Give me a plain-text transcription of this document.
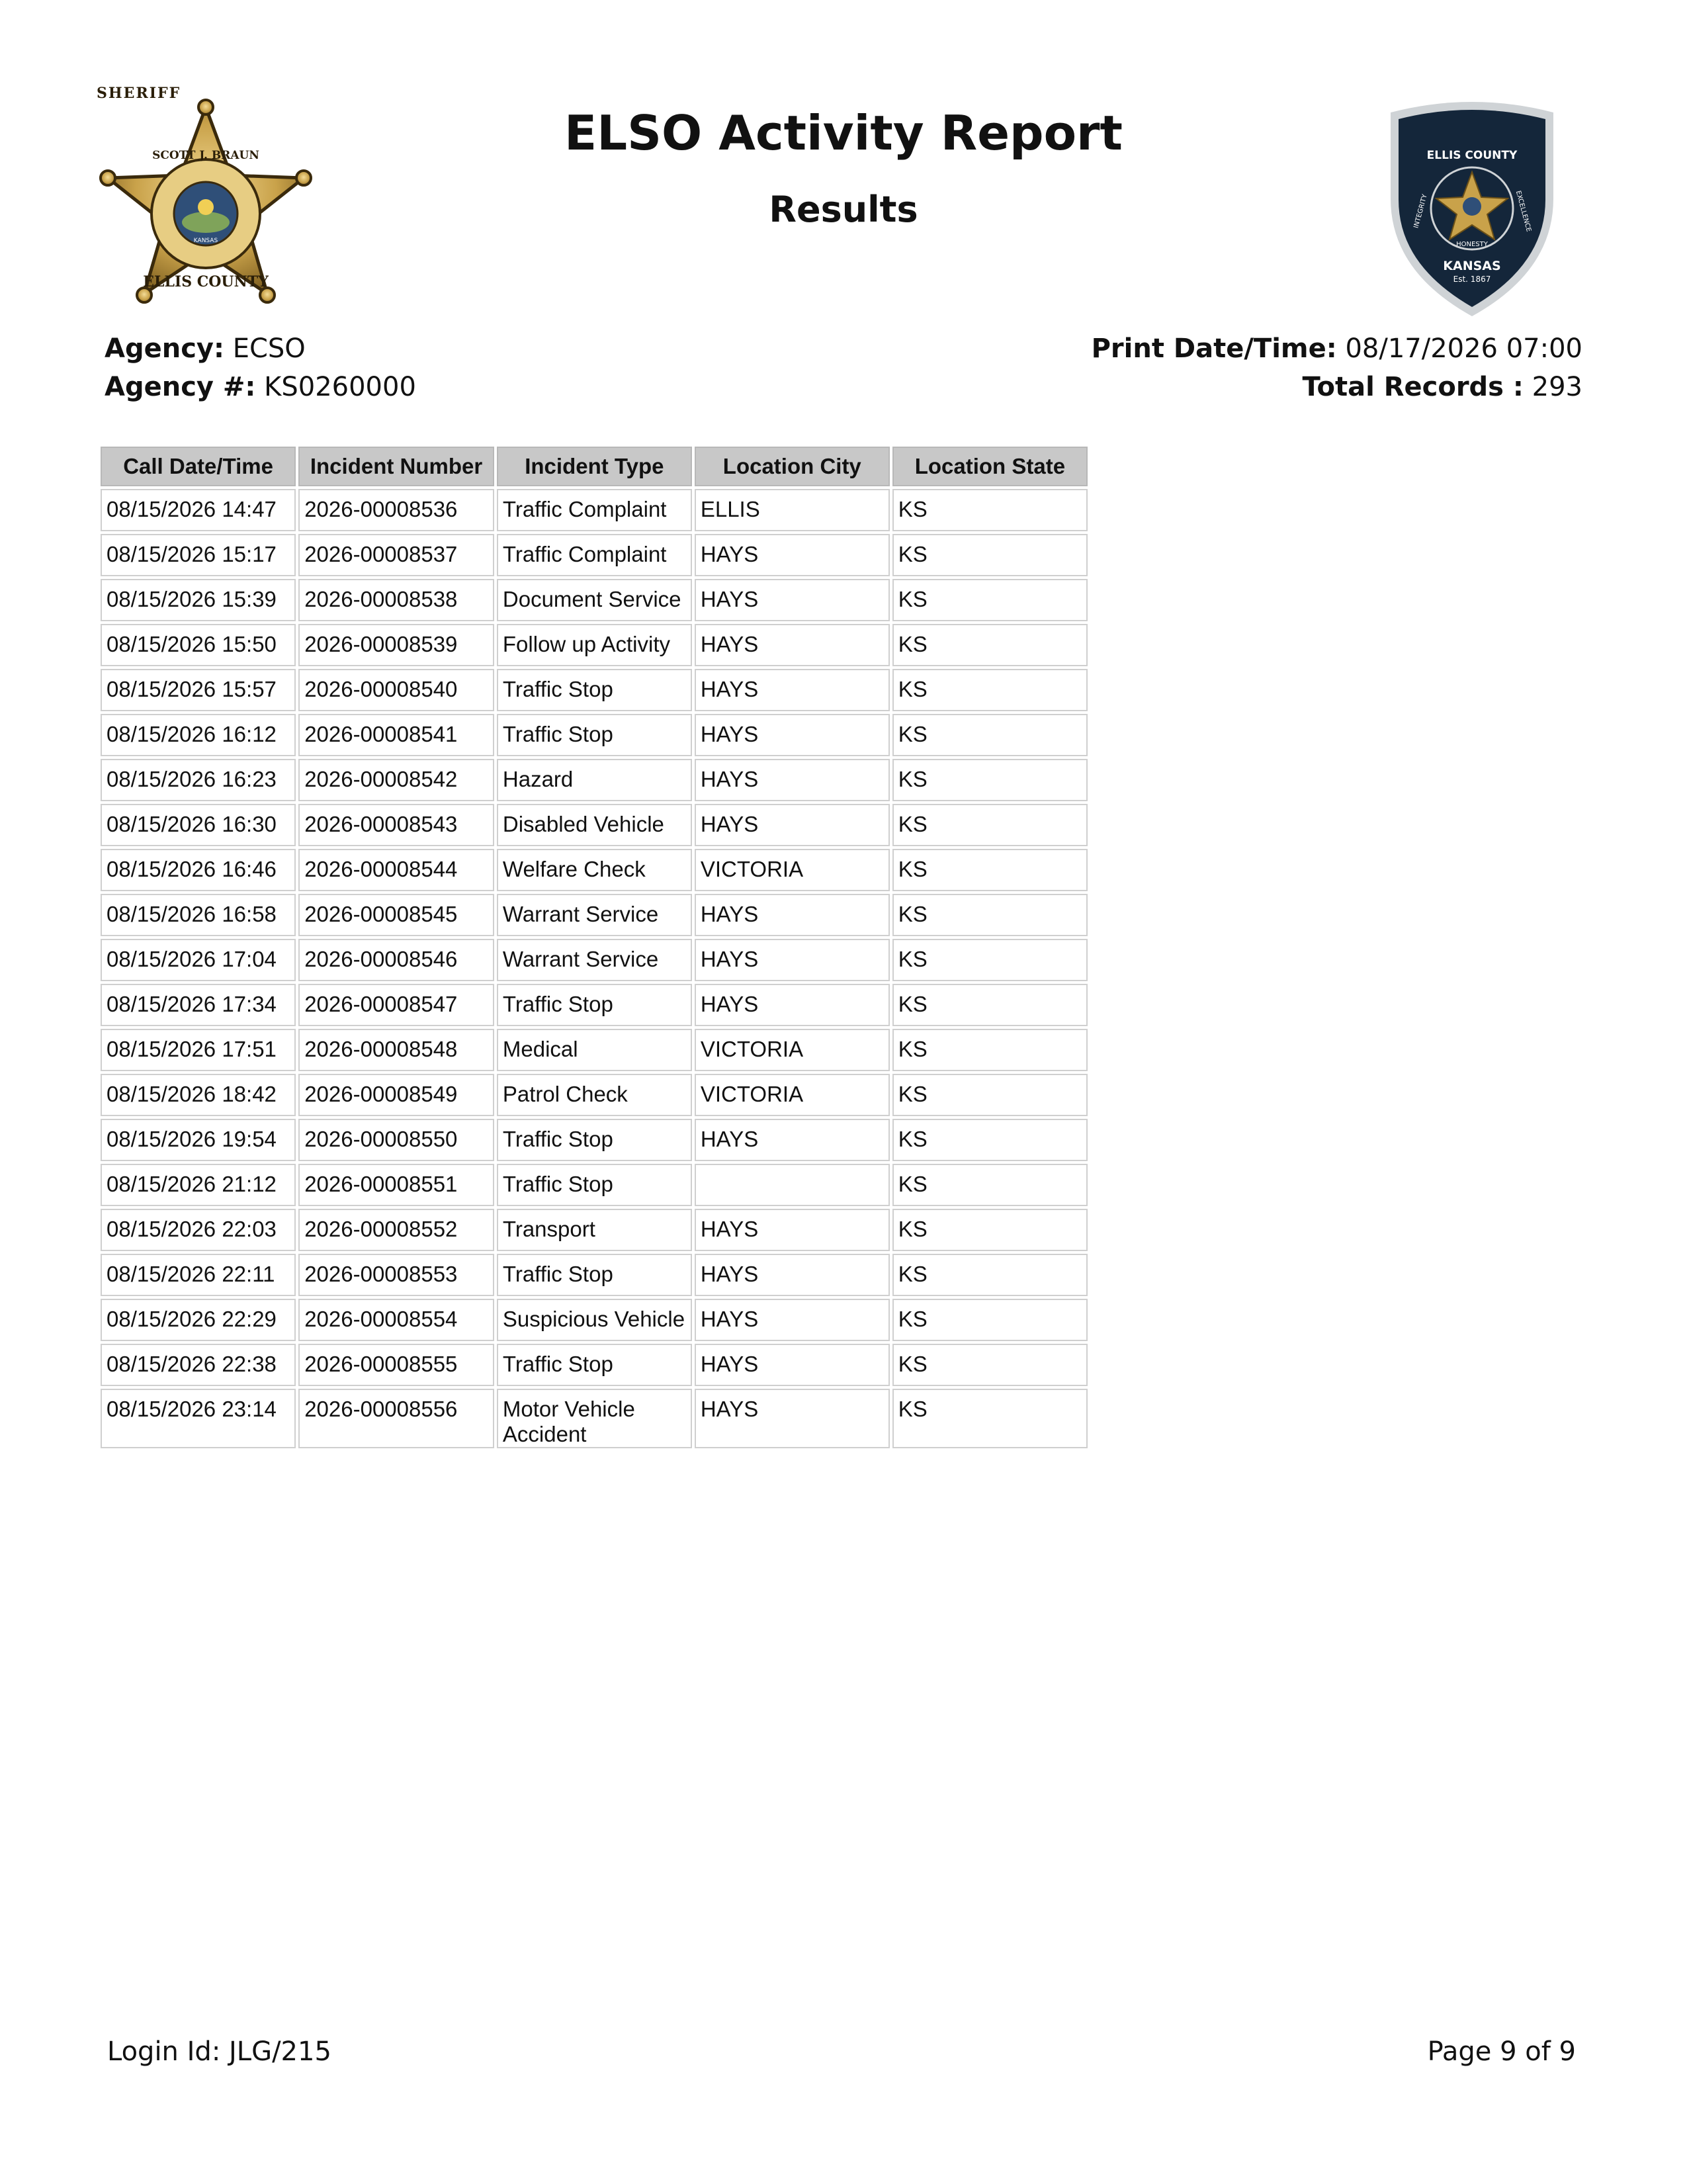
SHERIFF
SCOTT J. BRAUN
ELLIS COUNTY
KANSAS
ELSO Activity Report
Results
SHERIFF
ELLIS COUNTY
INTEGRITY	EXCELLENCE
HONESTY
KANSAS
Est. 1867
Agency: ECSO
Agency #: KS0260000
Print Date/Time: 08/17/2026 07:00
Total Records : 293
Call Date/Time	Incident Number	Incident Type	Location City	Location State
08/15/2026 14:47	2026-00008536	Traffic Complaint	ELLIS	KS
08/15/2026 15:17	2026-00008537	Traffic Complaint	HAYS	KS
08/15/2026 15:39	2026-00008538	Document Service	HAYS	KS
08/15/2026 15:50	2026-00008539	Follow up Activity	HAYS	KS
08/15/2026 15:57	2026-00008540	Traffic Stop	HAYS	KS
08/15/2026 16:12	2026-00008541	Traffic Stop	HAYS	KS
08/15/2026 16:23	2026-00008542	Hazard	HAYS	KS
08/15/2026 16:30	2026-00008543	Disabled Vehicle	HAYS	KS
08/15/2026 16:46	2026-00008544	Welfare Check	VICTORIA	KS
08/15/2026 16:58	2026-00008545	Warrant Service	HAYS	KS
08/15/2026 17:04	2026-00008546	Warrant Service	HAYS	KS
08/15/2026 17:34	2026-00008547	Traffic Stop	HAYS	KS
08/15/2026 17:51	2026-00008548	Medical	VICTORIA	KS
08/15/2026 18:42	2026-00008549	Patrol Check	VICTORIA	KS
08/15/2026 19:54	2026-00008550	Traffic Stop	HAYS	KS
08/15/2026 21:12	2026-00008551	Traffic Stop		KS
08/15/2026 22:03	2026-00008552	Transport	HAYS	KS
08/15/2026 22:11	2026-00008553	Traffic Stop	HAYS	KS
08/15/2026 22:29	2026-00008554	Suspicious Vehicle	HAYS	KS
08/15/2026 22:38	2026-00008555	Traffic Stop	HAYS	KS
08/15/2026 23:14	2026-00008556	Motor Vehicle Accident	HAYS	KS
Login Id: JLG/215	Page 9 of 9
